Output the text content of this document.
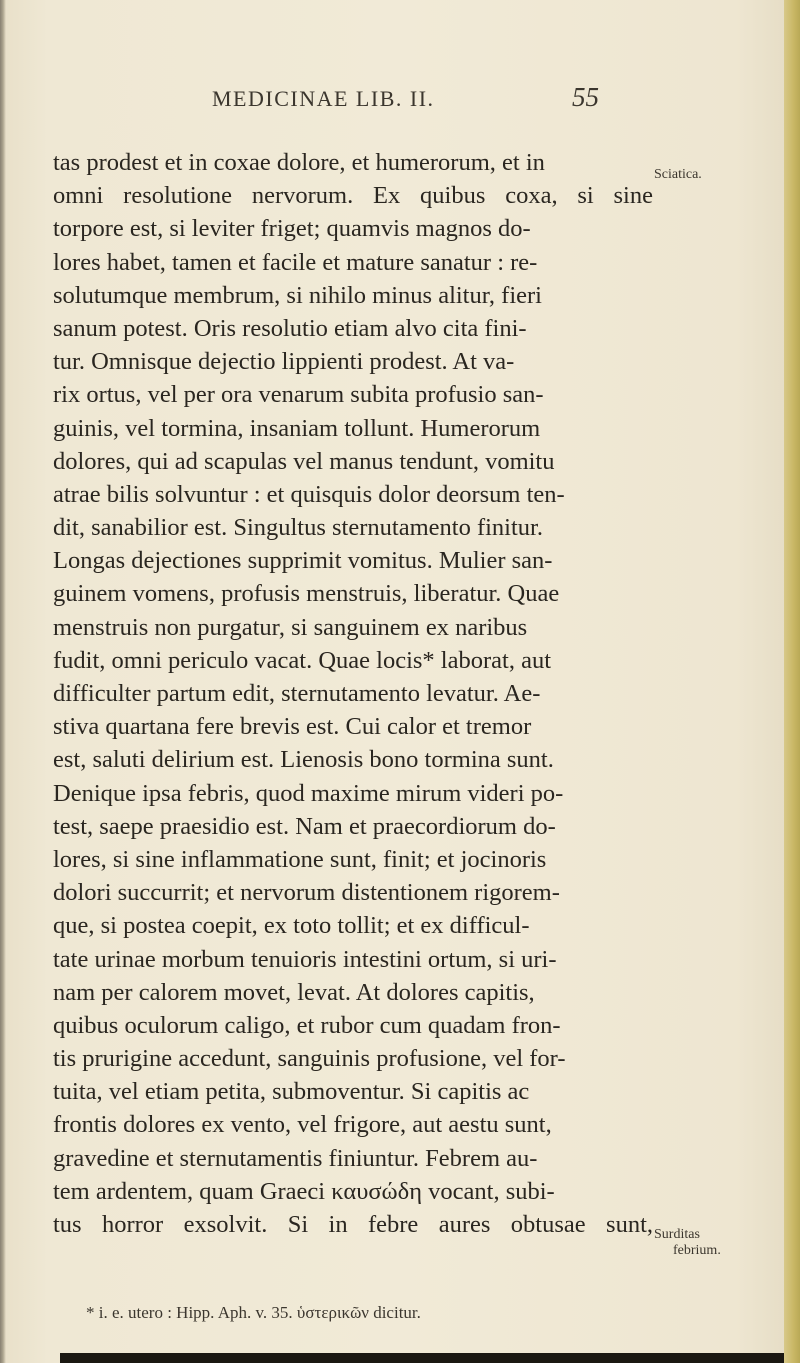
MEDICINAE LIB. II.	55
tas prodest et in coxae dolore, et humerorum, et in
omni resolutione nervorum. Ex quibus coxa, si sine
torpore est, si leviter friget; quamvis magnos do-
lores habet, tamen et facile et mature sanatur : re-
solutumque membrum, si nihilo minus alitur, fieri
sanum potest. Oris resolutio etiam alvo cita fini-
tur. Omnisque dejectio lippienti prodest. At va-
rix ortus, vel per ora venarum subita profusio san-
guinis, vel tormina, insaniam tollunt. Humerorum
dolores, qui ad scapulas vel manus tendunt, vomitu
atrae bilis solvuntur : et quisquis dolor deorsum ten-
dit, sanabilior est. Singultus sternutamento finitur.
Longas dejectiones supprimit vomitus. Mulier san-
guinem vomens, profusis menstruis, liberatur. Quae
menstruis non purgatur, si sanguinem ex naribus
fudit, omni periculo vacat. Quae locis* laborat, aut
difficulter partum edit, sternutamento levatur. Ae-
stiva quartana fere brevis est. Cui calor et tremor
est, saluti delirium est. Lienosis bono tormina sunt.
Denique ipsa febris, quod maxime mirum videri po-
test, saepe praesidio est. Nam et praecordiorum do-
lores, si sine inflammatione sunt, finit; et jocinoris
dolori succurrit; et nervorum distentionem rigorem-
que, si postea coepit, ex toto tollit; et ex difficul-
tate urinae morbum tenuioris intestini ortum, si uri-
nam per calorem movet, levat. At dolores capitis,
quibus oculorum caligo, et rubor cum quadam fron-
tis prurigine accedunt, sanguinis profusione, vel for-
tuita, vel etiam petita, submoventur. Si capitis ac
frontis dolores ex vento, vel frigore, aut aestu sunt,
gravedine et sternutamentis finiuntur. Febrem au-
tem ardentem, quam Graeci καυσώδη vocant, subi-
tus horror exsolvit. Si in febre aures obtusae sunt,
Sciatica.
Surditas
febrium.
* i. e. utero : Hipp. Aph. v. 35. ὑστερικῶν dicitur.
